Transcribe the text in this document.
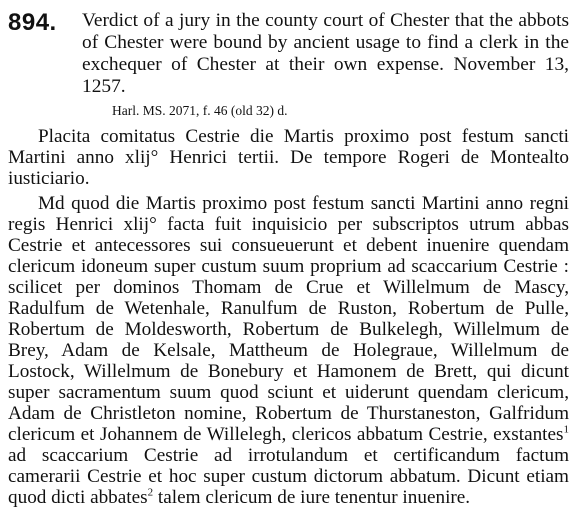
894. Verdict of a jury in the county court of Chester that the abbots of Chester were bound by ancient usage to find a clerk in the exchequer of Chester at their own expense. November 13, 1257.

Harl. MS. 2071, f. 46 (old 32) d.

Placita comitatus Cestrie die Martis proximo post festum sancti Martini anno xlij° Henrici tertii. De tempore Rogeri de Montealto iusticiario.

Md quod die Martis proximo post festum sancti Martini anno regni regis Henrici xlij° facta fuit inquisicio per subscriptos utrum abbas Cestrie et antecessores sui consueuerunt et debent inuenire quendam clericum idoneum super custum suum proprium ad scaccarium Cestrie : scilicet per dominos Thomam de Crue et Willelmum de Mascy, Radulfum de Wetenhale, Ranulfum de Ruston, Robertum de Pulle, Robertum de Moldesworth, Robertum de Bulkelegh, Willelmum de Brey, Adam de Kelsale, Mattheum de Holegraue, Willelmum de Lostock, Willelmum de Bonebury et Hamonem de Brett, qui dicunt super sacramentum suum quod sciunt et uiderunt quendam clericum, Adam de Christleton nomine, Robertum de Thurstaneston, Galfridum clericum et Johannem de Willelegh, clericos abbatum Cestrie, exstantes$^1$ ad scaccarium Cestrie ad irrotulandum et certificandum factum camerarii Cestrie et hoc super custum dictorum abbatum. Dicunt etiam quod dicti abbates$^2$ talem clericum de iure tenentur inuenire.
